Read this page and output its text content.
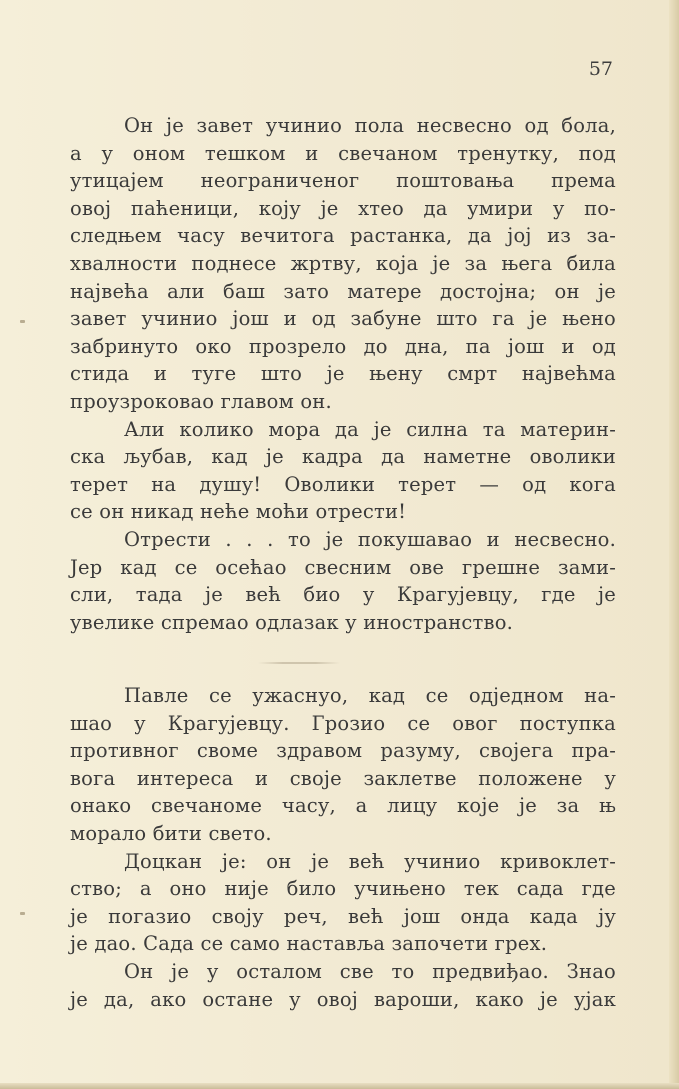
57

Он је завет учинио пола несвесно од бола,
а у оном тешком и свечаном тренутку, под
утицајем неограниченог поштовања према
овој паћеници, коју је хтео да умири у по-
следњем часу вечитога растанка, да јој из за-
хвалности поднесе жртву, која је за њега била
највећа али баш зато матере достојна; он је
завет учинио још и од забуне што га је њено
забринуто око прозрело до дна, па још и од
стида и туге што је њену смрт највећма
проузроковао главом он.

Али колико мора да је силна та материн-
ска љубав, кад је кадра да наметне оволики
терет на душу! Оволики терет — од кога
се он никад неће моћи отрести!

Отрести . . . то је покушавао и несвесно.
Јер кад се осећао свесним ове грешне зами-
сли, тада је већ био у Крагујевцу, где је
увелике спремао одлазак у иностранство.

Павле се ужаснуо, кад се одједном на-
шао у Крагујевцу. Грозио се овог поступка
противног своме здравом разуму, својега пра-
вога интереса и своје заклетве положене у
онако свечаноме часу, а лицу које је за њ
морало бити свето.

Доцкан је: он је већ учинио кривоклет-
ство; а оно није било учињено тек сада где
је погазио своју реч, већ још онда када ју
је дао. Сада се само наставља започети грех.

Он је у осталом све то предвиђао. Знао
је да, ако остане у овој вароши, како је ујак
